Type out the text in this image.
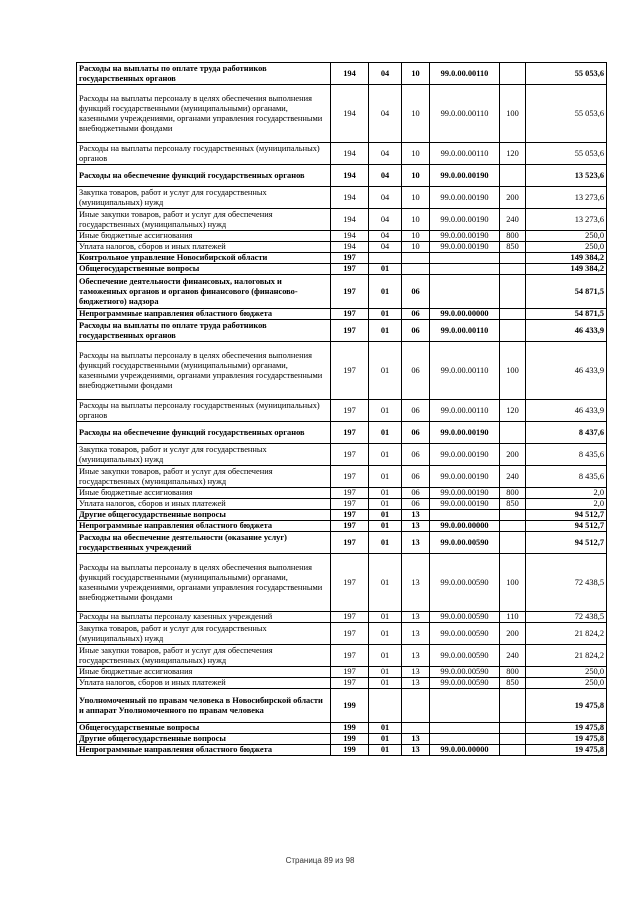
Расходы на выплаты по оплате труда работников государственных органов	194	04	10	99.0.00.00110		55 053,6
Расходы на выплаты персоналу в целях обеспечения выполнения функций государственными (муниципальными) органами, казенными учреждениями, органами управления государственными внебюджетными фондами	194	04	10	99.0.00.00110	100	55 053,6
Расходы на выплаты персоналу государственных (муниципальных) органов	194	04	10	99.0.00.00110	120	55 053,6
Расходы на обеспечение функций государственных органов	194	04	10	99.0.00.00190		13 523,6
Закупка товаров, работ и услуг для государственных (муниципальных) нужд	194	04	10	99.0.00.00190	200	13 273,6
Иные закупки товаров, работ и услуг для обеспечения государственных (муниципальных) нужд	194	04	10	99.0.00.00190	240	13 273,6
Иные бюджетные ассигнования	194	04	10	99.0.00.00190	800	250,0
Уплата налогов, сборов и иных платежей	194	04	10	99.0.00.00190	850	250,0
Контрольное управление Новосибирской области	197					149 384,2
Общегосударственные вопросы	197	01				149 384,2
Обеспечение деятельности финансовых, налоговых и таможенных органов и органов финансового (финансово-бюджетного) надзора	197	01	06			54 871,5
Непрограммные направления областного бюджета	197	01	06	99.0.00.00000		54 871,5
Расходы на выплаты по оплате труда работников государственных органов	197	01	06	99.0.00.00110		46 433,9
Расходы на выплаты персоналу в целях обеспечения выполнения функций государственными (муниципальными) органами, казенными учреждениями, органами управления государственными внебюджетными фондами	197	01	06	99.0.00.00110	100	46 433,9
Расходы на выплаты персоналу государственных (муниципальных) органов	197	01	06	99.0.00.00110	120	46 433,9
Расходы на обеспечение функций государственных органов	197	01	06	99.0.00.00190		8 437,6
Закупка товаров, работ и услуг для государственных (муниципальных) нужд	197	01	06	99.0.00.00190	200	8 435,6
Иные закупки товаров, работ и услуг для обеспечения государственных (муниципальных) нужд	197	01	06	99.0.00.00190	240	8 435,6
Иные бюджетные ассигнования	197	01	06	99.0.00.00190	800	2,0
Уплата налогов, сборов и иных платежей	197	01	06	99.0.00.00190	850	2,0
Другие общегосударственные вопросы	197	01	13			94 512,7
Непрограммные направления областного бюджета	197	01	13	99.0.00.00000		94 512,7
Расходы на обеспечение деятельности (оказание услуг) государственных учреждений	197	01	13	99.0.00.00590		94 512,7
Расходы на выплаты персоналу в целях обеспечения выполнения функций государственными (муниципальными) органами, казенными учреждениями, органами управления государственными внебюджетными фондами	197	01	13	99.0.00.00590	100	72 438,5
Расходы на выплаты персоналу казенных учреждений	197	01	13	99.0.00.00590	110	72 438,5
Закупка товаров, работ и услуг для государственных (муниципальных) нужд	197	01	13	99.0.00.00590	200	21 824,2
Иные закупки товаров, работ и услуг для обеспечения государственных (муниципальных) нужд	197	01	13	99.0.00.00590	240	21 824,2
Иные бюджетные ассигнования	197	01	13	99.0.00.00590	800	250,0
Уплата налогов, сборов и иных платежей	197	01	13	99.0.00.00590	850	250,0
Уполномоченный по правам человека в Новосибирской области и аппарат Уполномоченного по правам человека	199					19 475,8
Общегосударственные вопросы	199	01				19 475,8
Другие общегосударственные вопросы	199	01	13			19 475,8
Непрограммные направления областного бюджета	199	01	13	99.0.00.00000		19 475,8
Страница 89 из 98
